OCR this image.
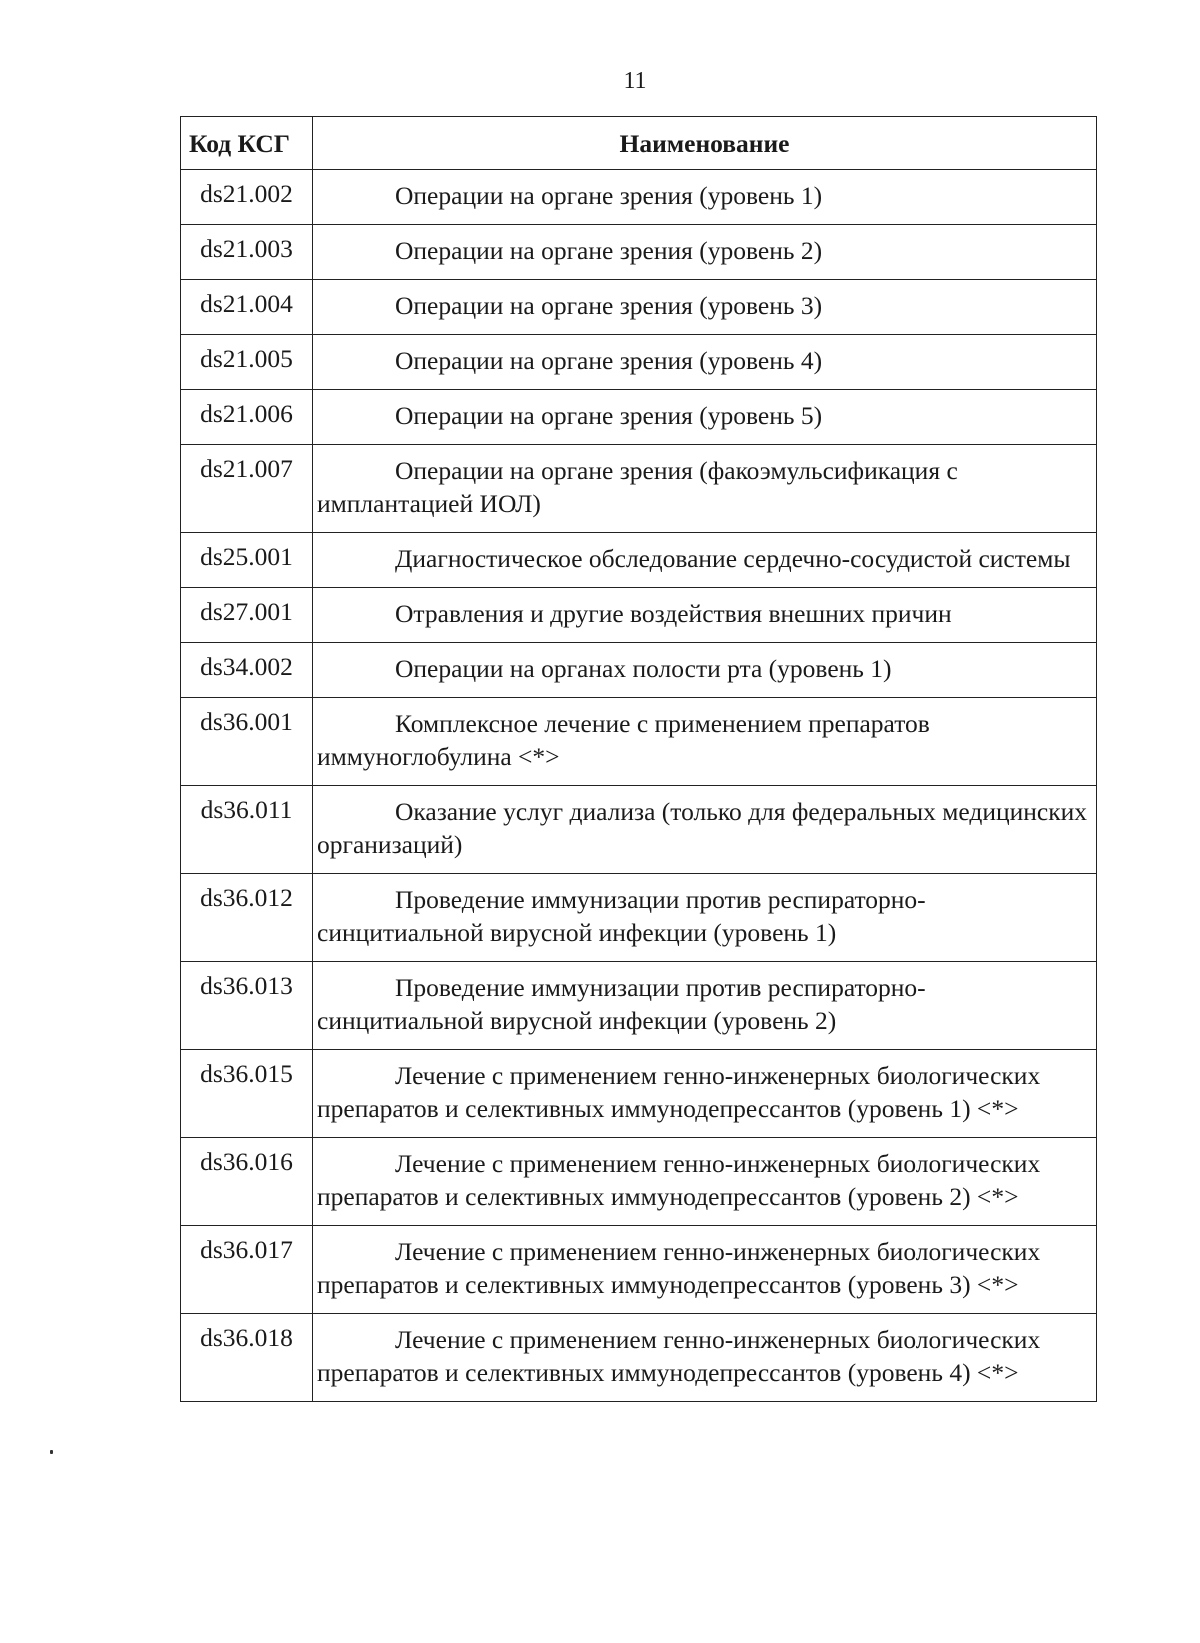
11
Код КСГ	Наименование
ds21.002	Операции на органе зрения (уровень 1)
ds21.003	Операции на органе зрения (уровень 2)
ds21.004	Операции на органе зрения (уровень 3)
ds21.005	Операции на органе зрения (уровень 4)
ds21.006	Операции на органе зрения (уровень 5)
ds21.007	Операции на органе зрения (факоэмульсификация с имплантацией ИОЛ)
ds25.001	Диагностическое обследование сердечно-сосудистой системы
ds27.001	Отравления и другие воздействия внешних причин
ds34.002	Операции на органах полости рта (уровень 1)
ds36.001	Комплексное лечение с применением препаратов иммуноглобулина <*>
ds36.011	Оказание услуг диализа (только для федеральных медицинских организаций)
ds36.012	Проведение иммунизации против респираторно-синцитиальной вирусной инфекции (уровень 1)
ds36.013	Проведение иммунизации против респираторно-синцитиальной вирусной инфекции (уровень 2)
ds36.015	Лечение с применением генно-инженерных биологических препаратов и селективных иммунодепрессантов (уровень 1) <*>
ds36.016	Лечение с применением генно-инженерных биологических препаратов и селективных иммунодепрессантов (уровень 2) <*>
ds36.017	Лечение с применением генно-инженерных биологических препаратов и селективных иммунодепрессантов (уровень 3) <*>
ds36.018	Лечение с применением генно-инженерных биологических препаратов и селективных иммунодепрессантов (уровень 4) <*>
